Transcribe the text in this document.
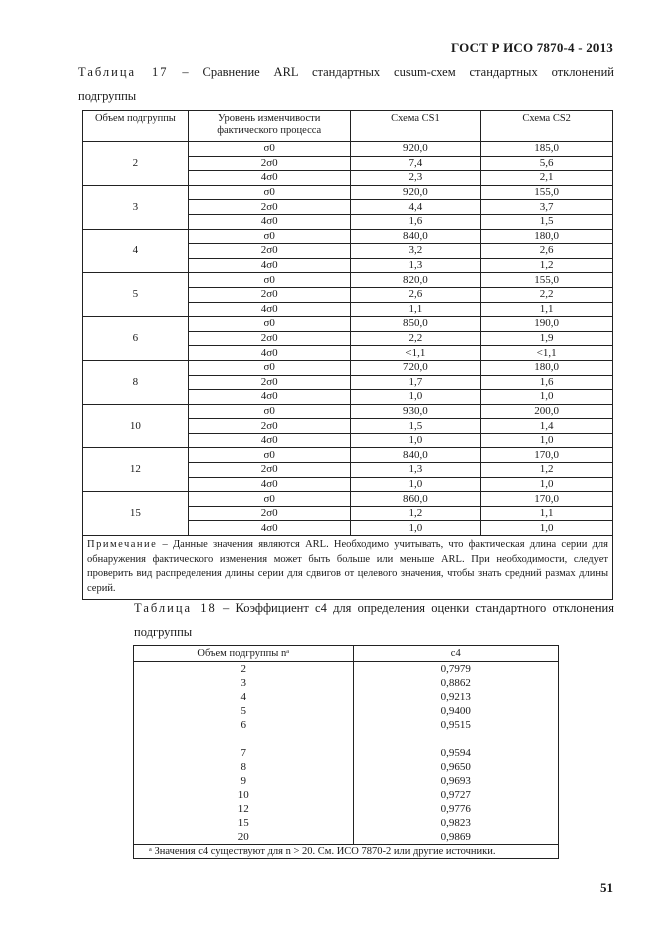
ГОСТ Р ИСО 7870-4 - 2013
Таблица 17 – Сравнение ARL стандартных cusum-схем стандартных отклонений
подгруппы
Объем подгруппы	Уровень изменчивости фактического процесса	Схема CS1	Схема CS2
2	σ0	920,0	185,0
	2σ0	7,4	5,6
	4σ0	2,3	2,1
3	σ0	920,0	155,0
	2σ0	4,4	3,7
	4σ0	1,6	1,5
4	σ0	840,0	180,0
	2σ0	3,2	2,6
	4σ0	1,3	1,2
5	σ0	820,0	155,0
	2σ0	2,6	2,2
	4σ0	1,1	1,1
6	σ0	850,0	190,0
	2σ0	2,2	1,9
	4σ0	<1,1	<1,1
8	σ0	720,0	180,0
	2σ0	1,7	1,6
	4σ0	1,0	1,0
10	σ0	930,0	200,0
	2σ0	1,5	1,4
	4σ0	1,0	1,0
12	σ0	840,0	170,0
	2σ0	1,3	1,2
	4σ0	1,0	1,0
15	σ0	860,0	170,0
	2σ0	1,2	1,1
	4σ0	1,0	1,0
Примечание – Данные значения являются ARL. Необходимо учитывать, что фактическая длина серии для обнаружения фактического изменения может быть больше или меньше ARL. При необходимости, следует проверить вид распределения длины серии для сдвигов от целевого значения, чтобы знать средний размах длины серий.			
Таблица 18 – Коэффициент c4 для определения оценки стандартного отклонения
подгруппы
Объем подгруппы nᵃ	c4
2	0,7979
3	0,8862
4	0,9213
5	0,9400
6	0,9515

7	0,9594
8	0,9650
9	0,9693
10	0,9727
12	0,9776
15	0,9823
20	0,9869
ᵃ Значения c4 существуют для n > 20. См. ИСО 7870-2 или другие источники.	
51
